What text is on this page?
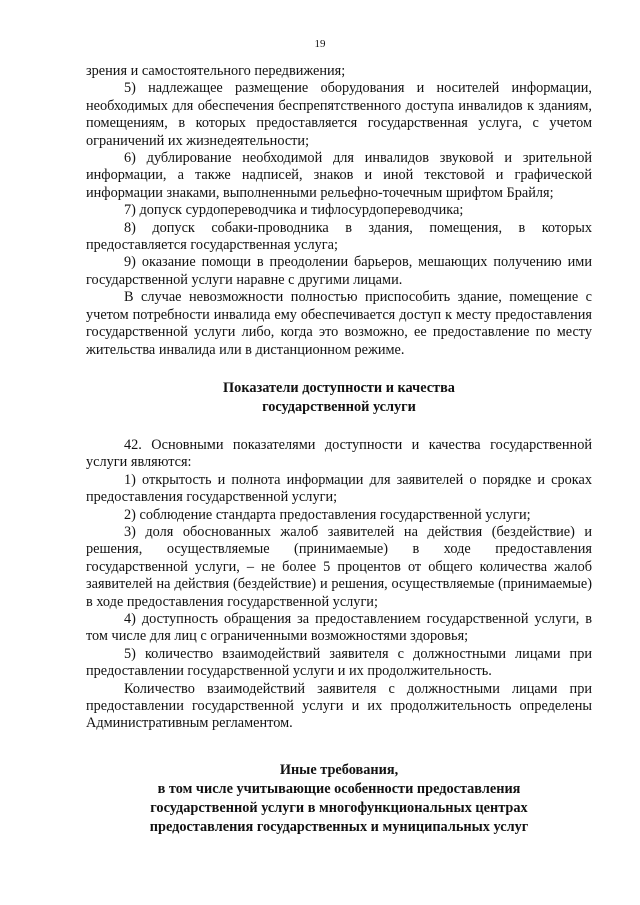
19

зрения и самостоятельного передвижения;

5) надлежащее размещение оборудования и носителей информации, необходимых для обеспечения беспрепятственного доступа инвалидов к зданиям, помещениям, в которых предоставляется государственная услуга, с учетом ограничений их жизнедеятельности;

6) дублирование необходимой для инвалидов звуковой и зрительной информации, а также надписей, знаков и иной текстовой и графической информации знаками, выполненными рельефно-точечным шрифтом Брайля;

7) допуск сурдопереводчика и тифлосурдопереводчика;

8) допуск собаки-проводника в здания, помещения, в которых предоставляется государственная услуга;

9) оказание помощи в преодолении барьеров, мешающих получению ими государственной услуги наравне с другими лицами.

В случае невозможности полностью приспособить здание, помещение с учетом потребности инвалида ему обеспечивается доступ к месту предоставления государственной услуги либо, когда это возможно, ее предоставление по месту жительства инвалида или в дистанционном режиме.

Показатели доступности и качества
государственной услуги

42. Основными показателями доступности и качества государственной услуги являются:

1) открытость и полнота информации для заявителей о порядке и сроках предоставления государственной услуги;

2) соблюдение стандарта предоставления государственной услуги;

3) доля обоснованных жалоб заявителей на действия (бездействие) и решения, осуществляемые (принимаемые) в ходе предоставления государственной услуги, – не более 5 процентов от общего количества жалоб заявителей на действия (бездействие) и решения, осуществляемые (принимаемые) в ходе предоставления государственной услуги;

4) доступность обращения за предоставлением государственной услуги, в том числе для лиц с ограниченными возможностями здоровья;

5) количество взаимодействий заявителя с должностными лицами при предоставлении государственной услуги и их продолжительность.

Количество взаимодействий заявителя с должностными лицами при предоставлении государственной услуги и их продолжительность определены Административным регламентом.

Иные требования,
в том числе учитывающие особенности предоставления
государственной услуги в многофункциональных центрах
предоставления государственных и муниципальных услуг
